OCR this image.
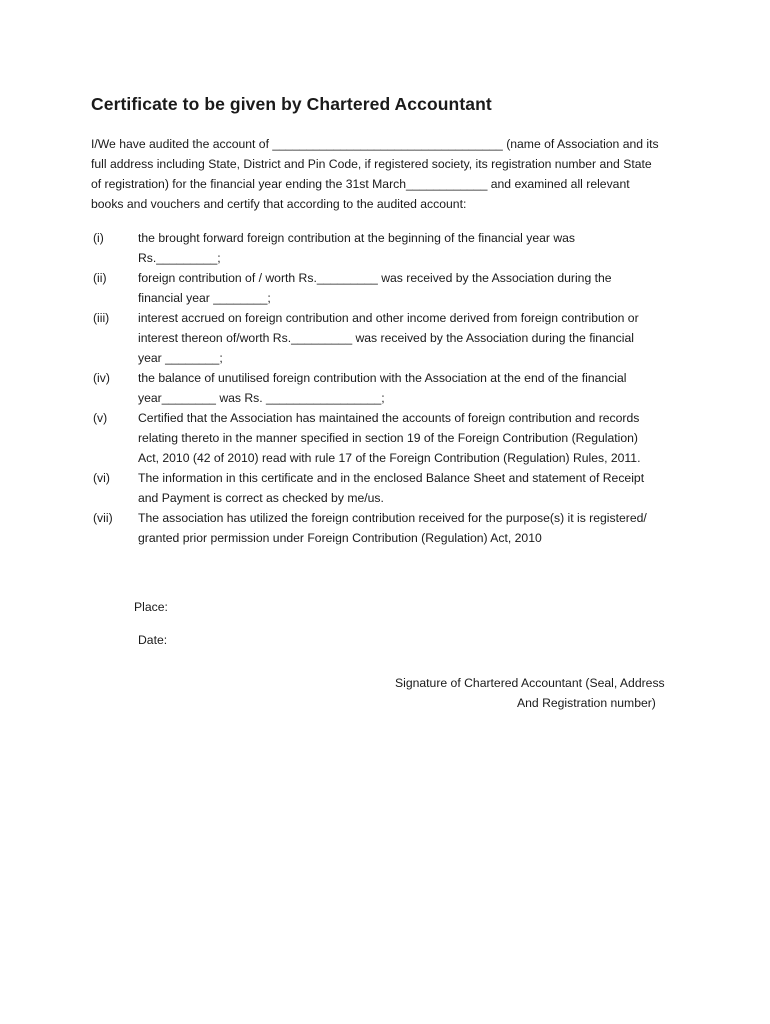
Certificate to be given by Chartered Accountant
I/We have audited the account of __________________________________ (name of Association and its
full address including State, District and Pin Code, if registered society, its registration number and State
of registration) for the financial year ending the 31st March____________ and examined all relevant
books and vouchers and certify that according to the audited account:
(i)	the brought forward foreign contribution at the beginning of the financial year was
Rs._________;
(ii)	foreign contribution of / worth Rs._________ was received by the Association during the
financial year ________;
(iii) interest accrued on foreign contribution and other income derived from foreign contribution or
interest thereon of/worth Rs._________ was received by the Association during the financial
year ________;
(iv) the balance of unutilised foreign contribution with the Association at the end of the financial
year________ was Rs. _________________;
(v)	Certified that the Association has maintained the accounts of foreign contribution and records
relating thereto in the manner specified in section 19 of the Foreign Contribution (Regulation)
Act, 2010 (42 of 2010) read with rule 17 of the Foreign Contribution (Regulation) Rules, 2011.
(vi) The information in this certificate and in the enclosed Balance Sheet and statement of Receipt
and Payment is correct as checked by me/us.
(vii) The association has utilized the foreign contribution received for the purpose(s) it is registered/
granted prior permission under Foreign Contribution (Regulation) Act, 2010
Place:
Date:
Signature of Chartered Accountant (Seal, Address
And Registration number)
